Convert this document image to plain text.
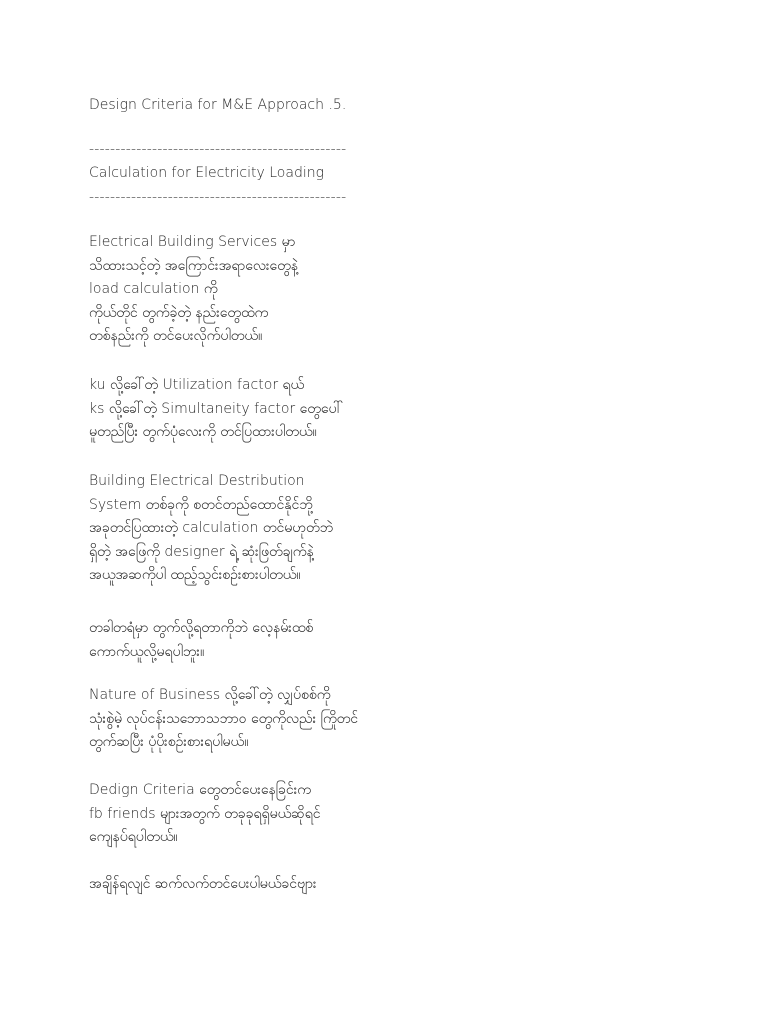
Design Criteria for M&E Approach .5.
-------------------------------------------------
Calculation for Electricity Loading
-------------------------------------------------
Electrical Building Services မှာ
သိထားသင့်တဲ့ အကြောင်းအရာလေးတွေနဲ့
load calculation ကို
ကိုယ်တိုင် တွက်ခဲ့တဲ့ နည်းတွေထဲက
တစ်နည်းကို တင်ပေးလိုက်ပါတယ်။
ku လို့ခေါ်တဲ့ Utilization factor ရယ်
ks လို့ခေါ်တဲ့ Simultaneity factor တွေပေါ်
မူတည်ပြီး တွက်ပုံလေးကို တင်ပြထားပါတယ်။
Building Electrical Destribution
System တစ်ခုကို စတင်တည်ထောင်နိုင်ဘို့
အခုတင်ပြထားတဲ့ calculation တင်မဟုတ်ဘဲ
ရှိတဲ့ အဖြေကို designer ရဲ့ ဆုံးဖြတ်ချက်နဲ့
အယူအဆကိုပါ ထည့်သွင်းစဉ်းစားပါတယ်။
တခါတရံမှာ တွက်လို့ရတာကိုဘဲ လေ့နမ်းထစ်
ကောက်ယူလို့မရပါဘူး။
Nature of Business လို့ခေါ်တဲ့ လျှပ်စစ်ကို
သုံးစွဲမဲ့ လုပ်ငန်းသဘောသဘာဝ တွေကိုလည်း ကြိုတင်
တွက်ဆပြီး ပုံပိုးစဉ်းစားရပါမယ်။
Dedign Criteria တွေတင်ပေးနေခြင်းက
fb friends များအတွက် တခုခုရရှိမယ်ဆိုရင်
ကျေနပ်ရပါတယ်။
အချိန်ရလျင် ဆက်လက်တင်ပေးပါမယ်ခင်ဗျား
